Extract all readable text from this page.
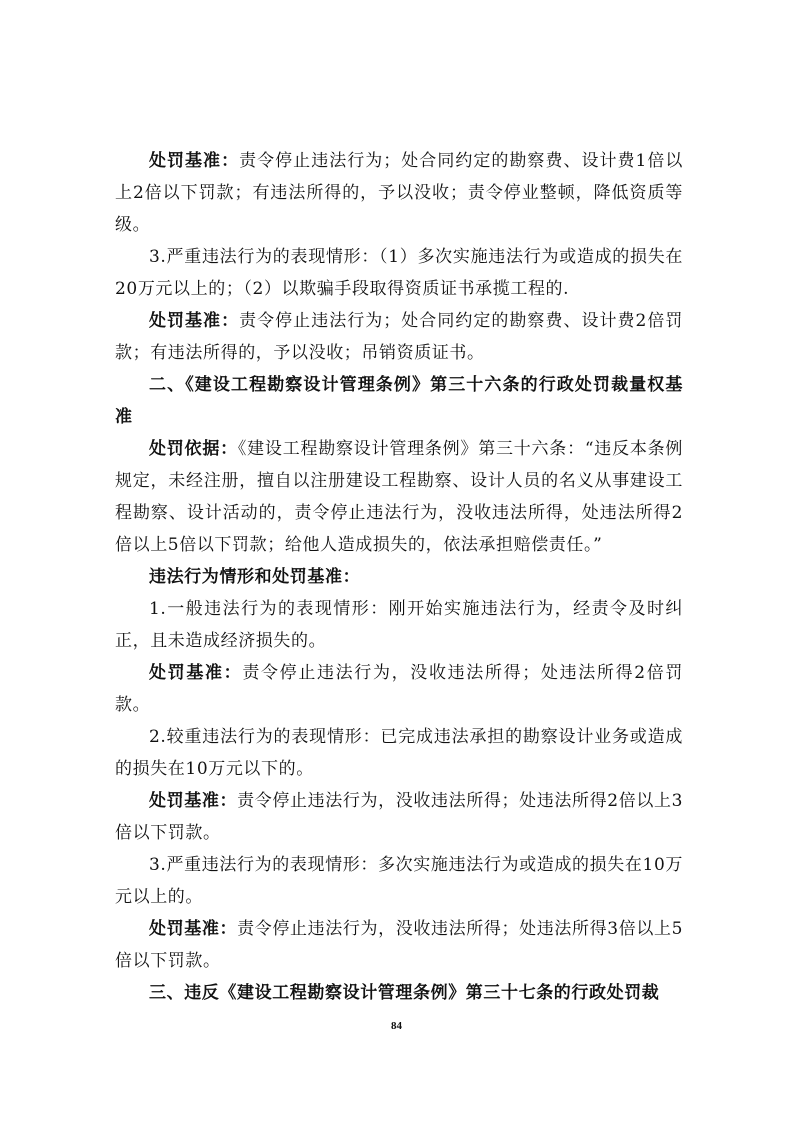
处罚基准：责令停止违法行为；处合同约定的勘察费、设计费1倍以上2倍以下罚款；有违法所得的，予以没收；责令停业整顿，降低资质等级。

3.严重违法行为的表现情形：（1）多次实施违法行为或造成的损失在20万元以上的；（2）以欺骗手段取得资质证书承揽工程的.

处罚基准：责令停止违法行为；处合同约定的勘察费、设计费2倍罚款；有违法所得的，予以没收；吊销资质证书。

二、《建设工程勘察设计管理条例》第三十六条的行政处罚裁量权基准

处罚依据：《建设工程勘察设计管理条例》第三十六条：“违反本条例规定，未经注册，擅自以注册建设工程勘察、设计人员的名义从事建设工程勘察、设计活动的，责令停止违法行为，没收违法所得，处违法所得2倍以上5倍以下罚款；给他人造成损失的，依法承担赔偿责任。”

违法行为情形和处罚基准：

1.一般违法行为的表现情形：刚开始实施违法行为，经责令及时纠正，且未造成经济损失的。

处罚基准：责令停止违法行为，没收违法所得；处违法所得2倍罚款。

2.较重违法行为的表现情形：已完成违法承担的勘察设计业务或造成的损失在10万元以下的。

处罚基准：责令停止违法行为，没收违法所得；处违法所得2倍以上3倍以下罚款。

3.严重违法行为的表现情形：多次实施违法行为或造成的损失在10万元以上的。

处罚基准：责令停止违法行为，没收违法所得；处违法所得3倍以上5倍以下罚款。

三、违反《建设工程勘察设计管理条例》第三十七条的行政处罚裁

84
